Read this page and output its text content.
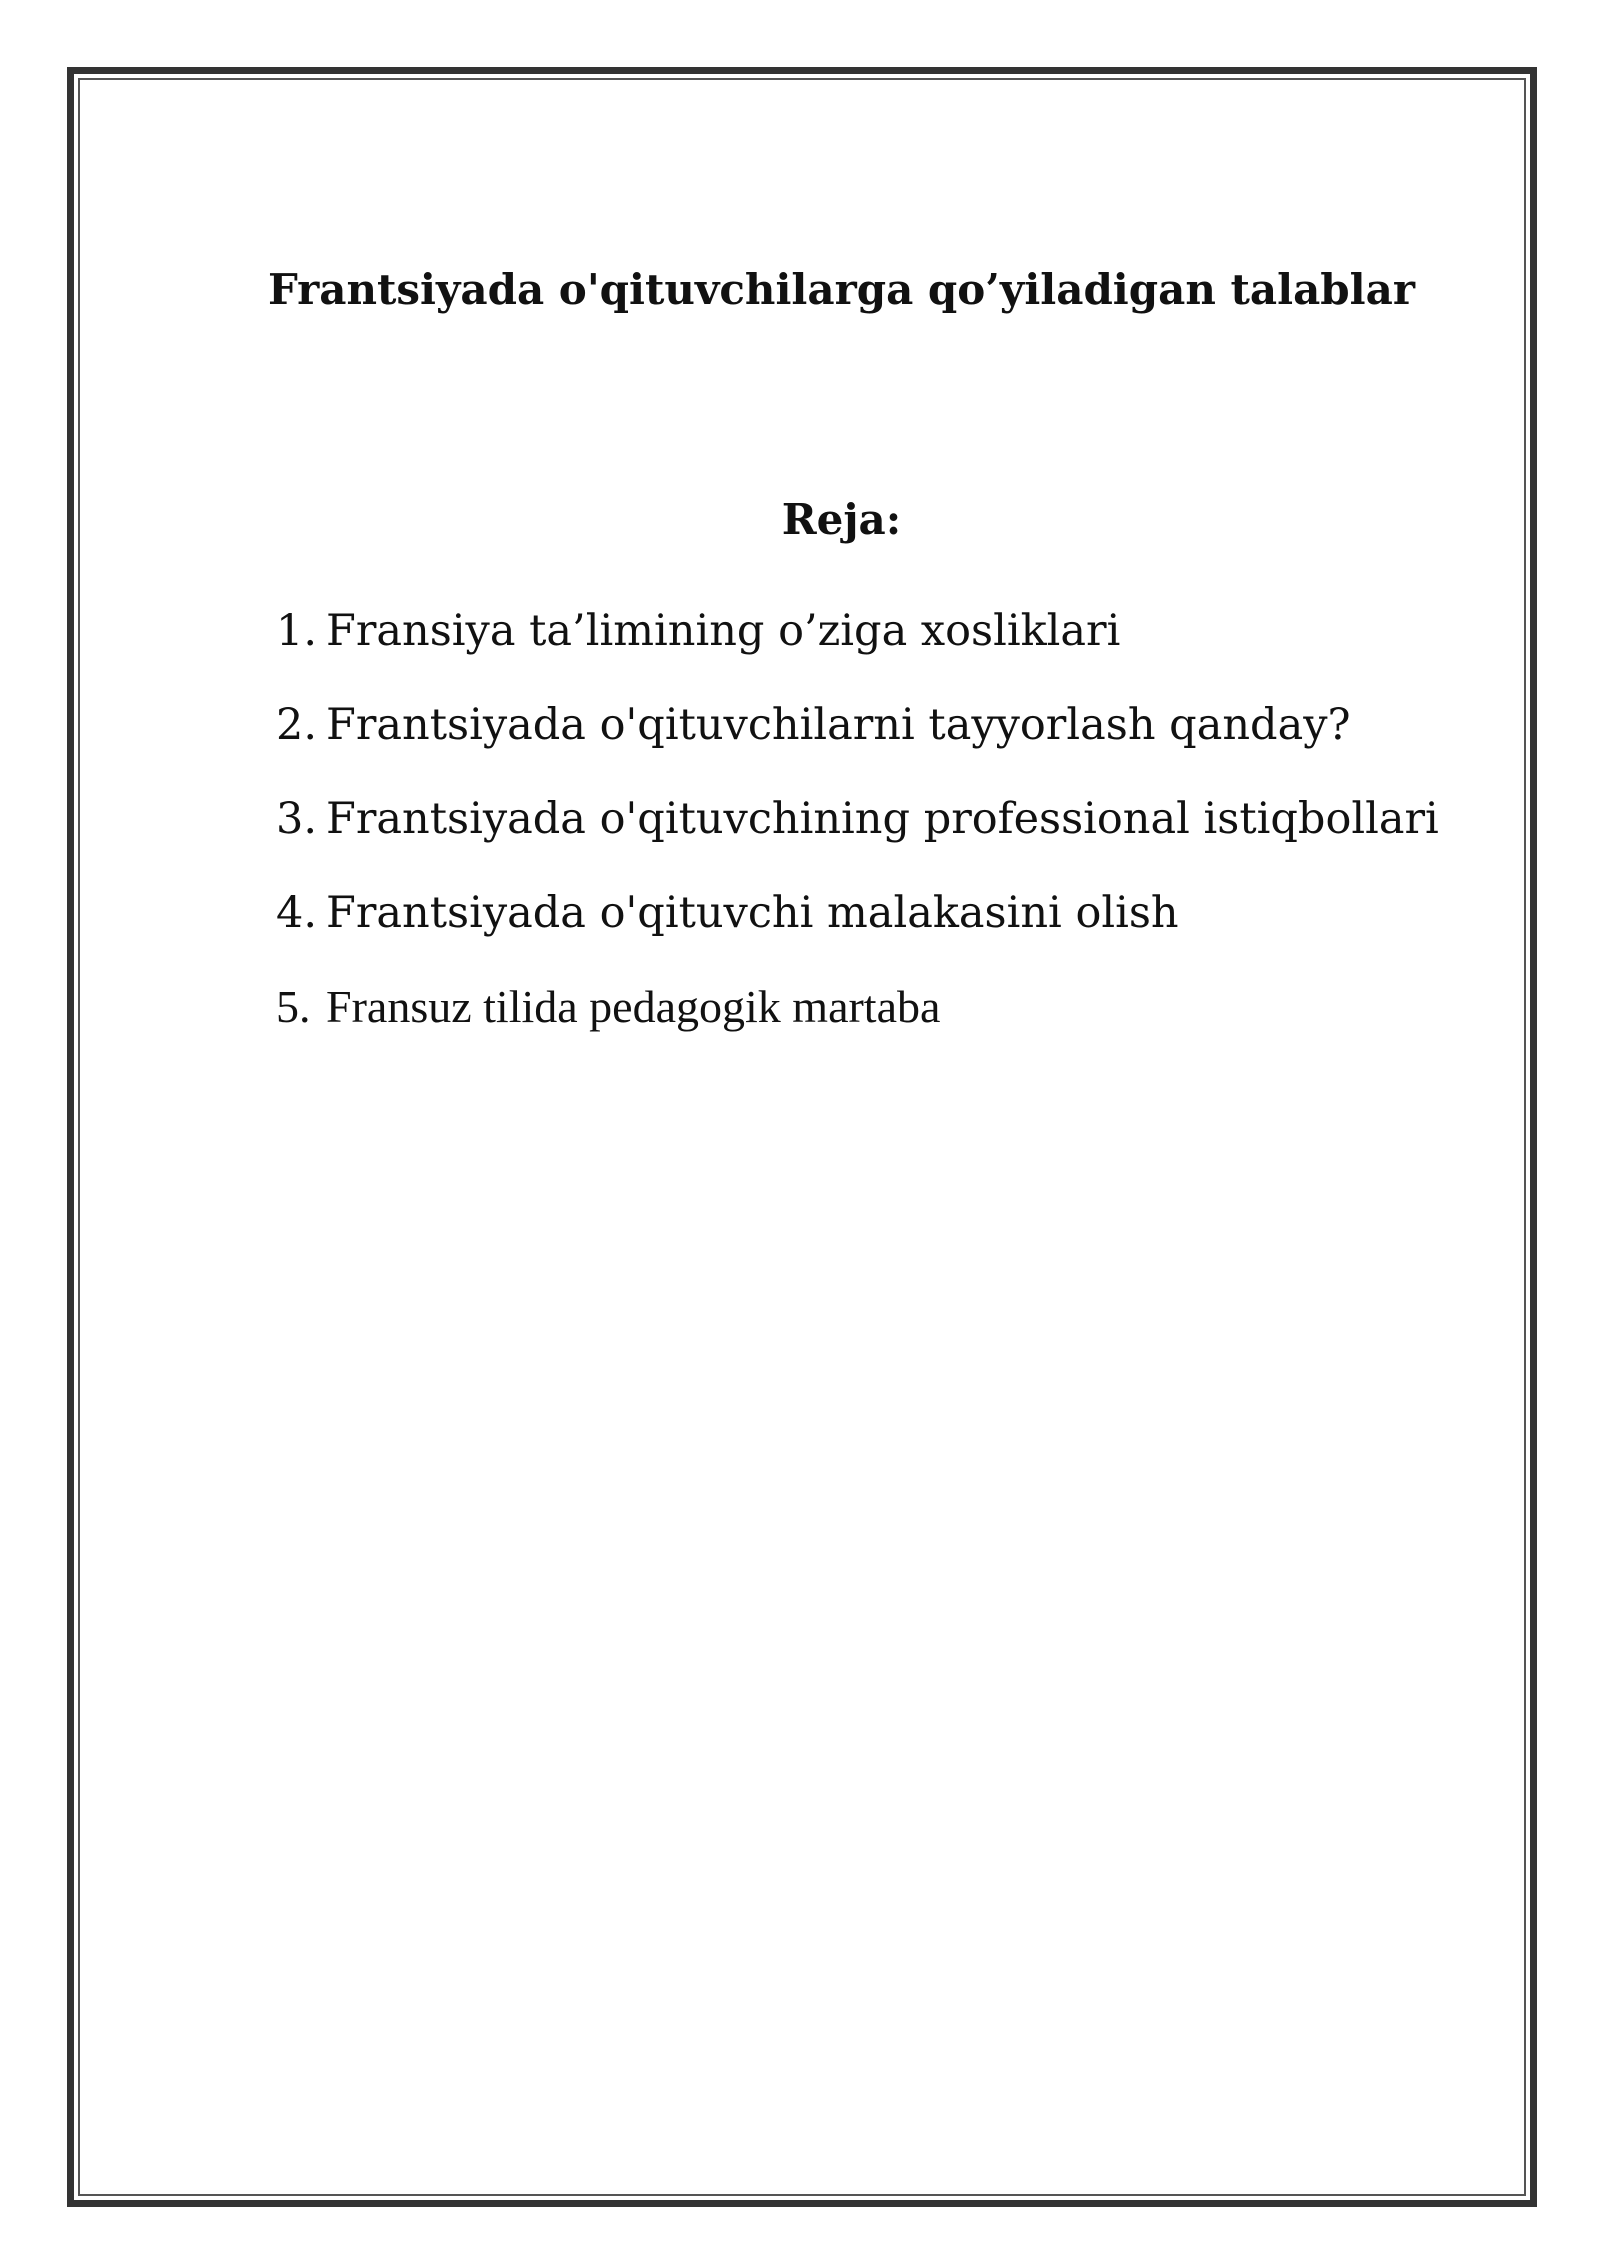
Frantsiyada o'qituvchilarga qo’yiladigan talablar
Reja:
1. Fransiya ta’limining o’ziga xosliklari
2. Frantsiyada o'qituvchilarni tayyorlash qanday?
3. Frantsiyada o'qituvchining professional istiqbollari
4. Frantsiyada o'qituvchi malakasini olish
5. Fransuz tilida pedagogik martaba
